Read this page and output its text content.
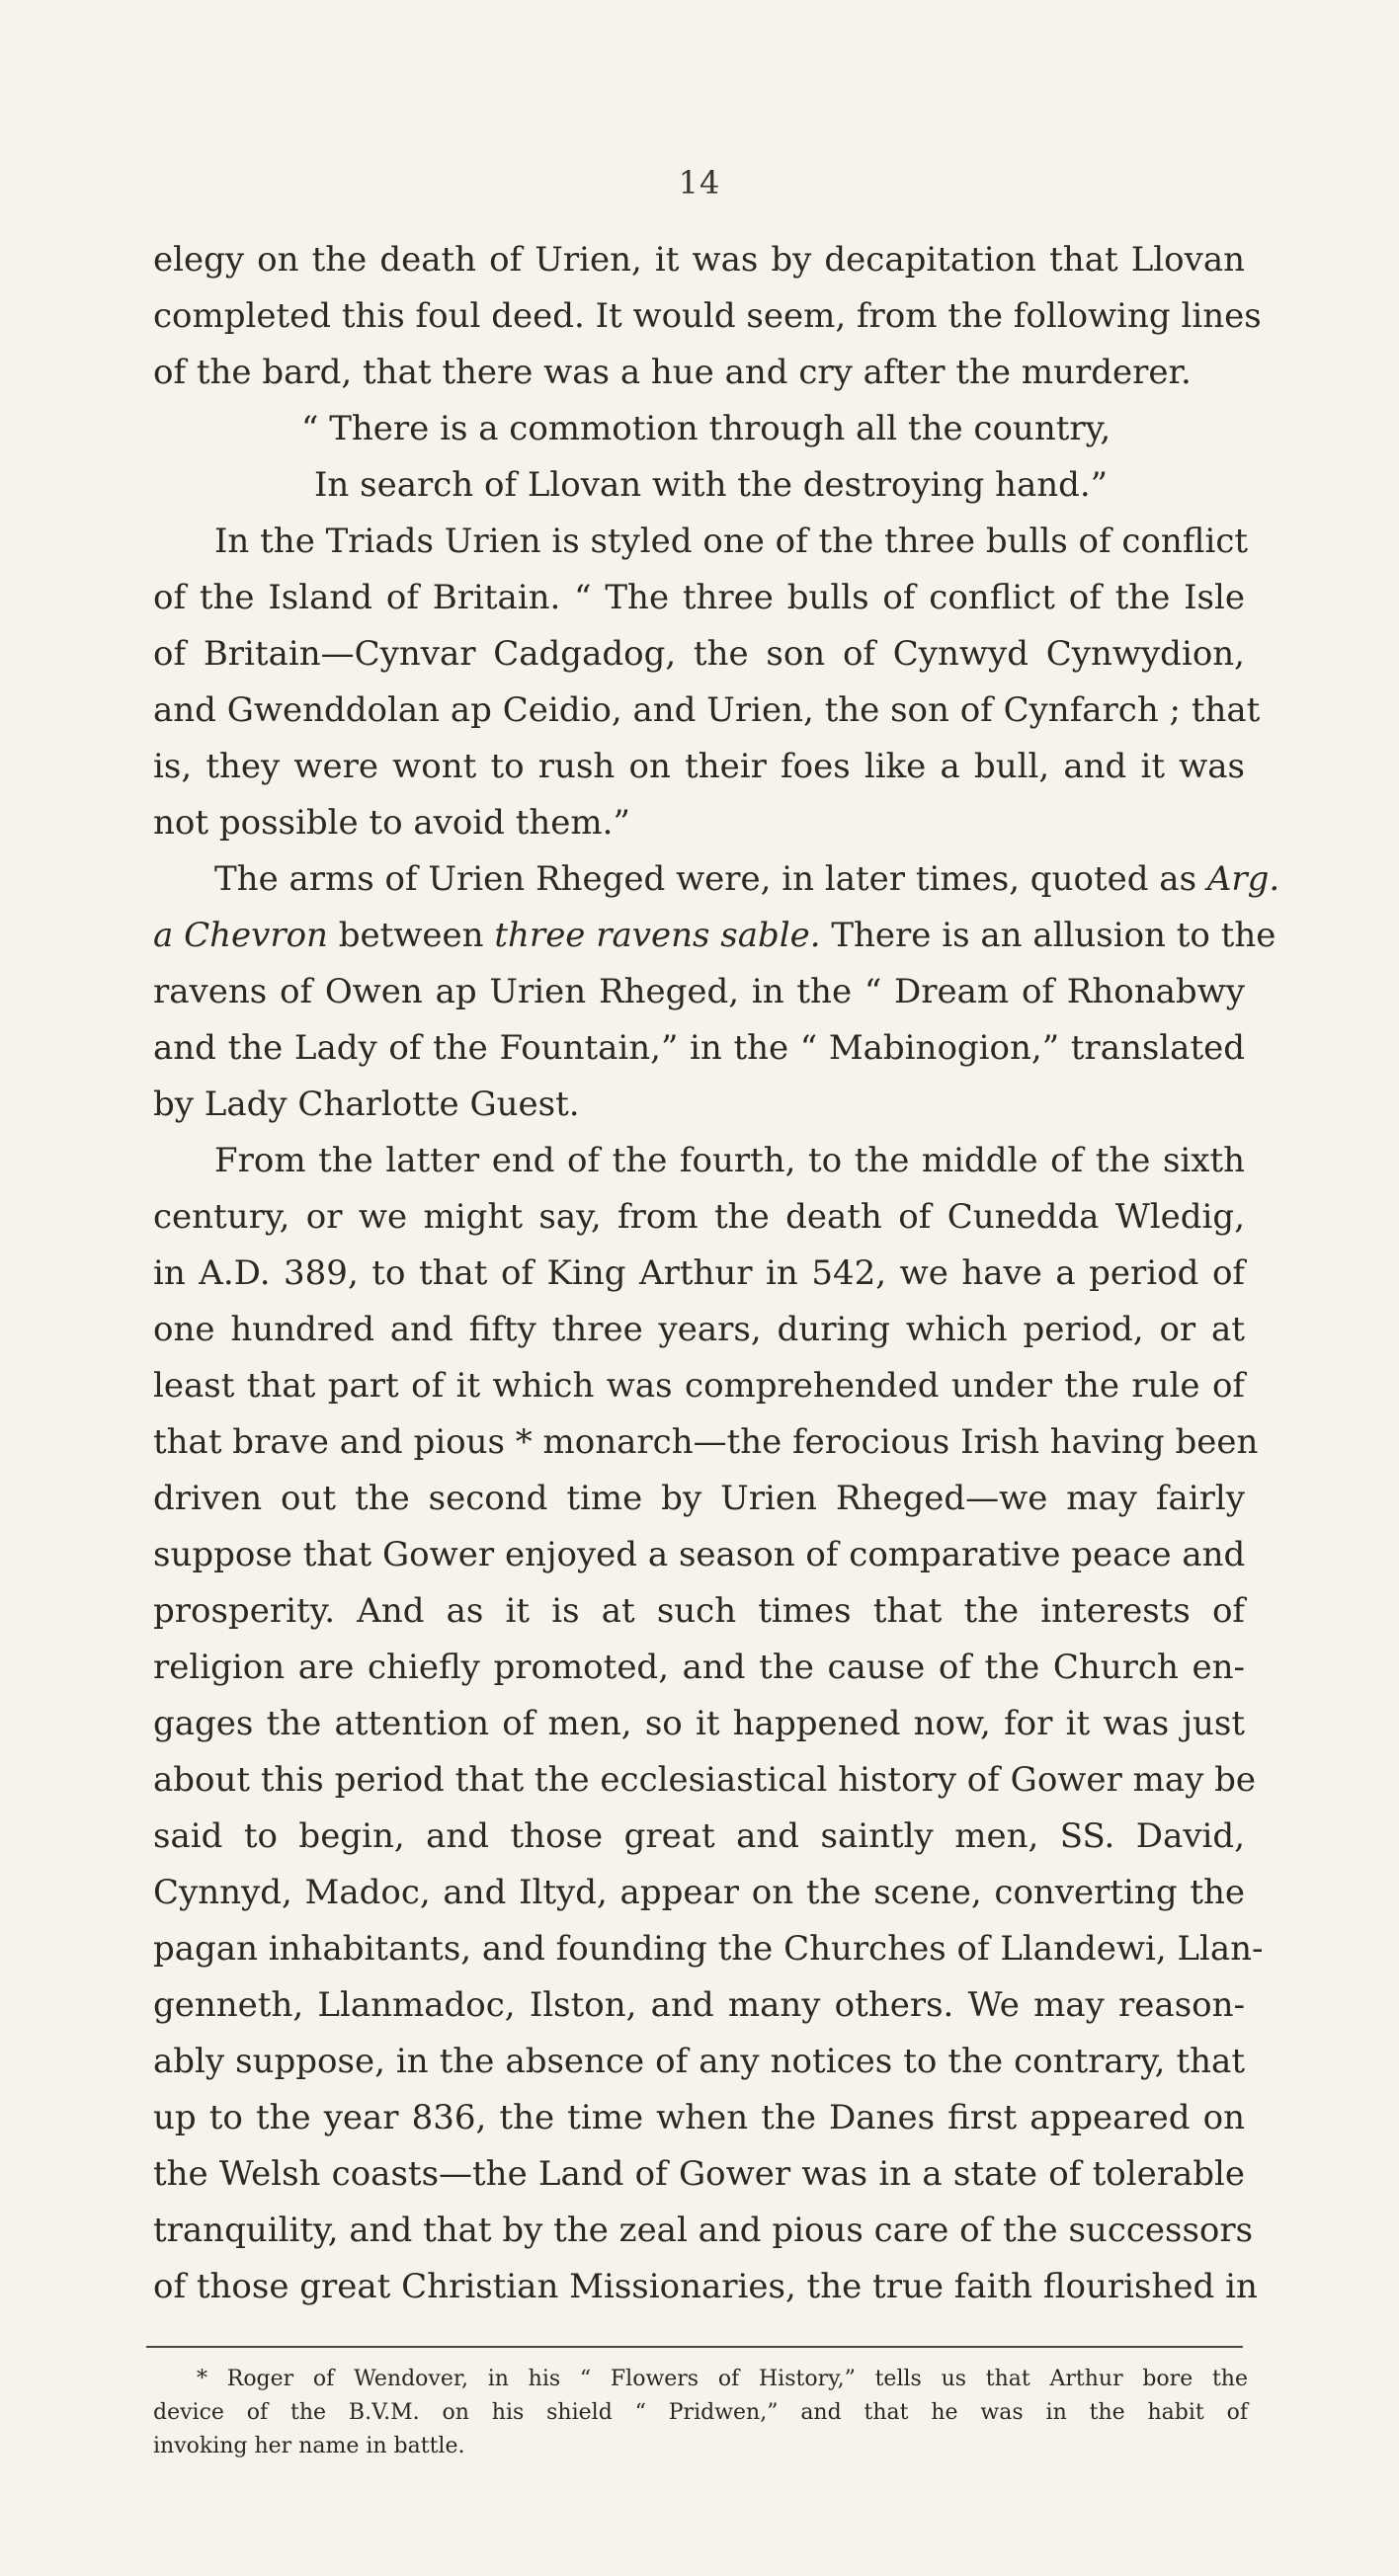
14
elegy on the death of Urien, it was by decapitation that Llovan
completed this foul deed. It would seem, from the following lines
of the bard, that there was a hue and cry after the murderer.
“ There is a commotion through all the country,
In search of Llovan with the destroying hand.”
In the Triads Urien is styled one of the three bulls of conflict
of the Island of Britain. “ The three bulls of conflict of the Isle
of Britain—Cynvar Cadgadog, the son of Cynwyd Cynwydion,
and Gwenddolan ap Ceidio, and Urien, the son of Cynfarch ; that
is, they were wont to rush on their foes like a bull, and it was
not possible to avoid them.”
The arms of Urien Rheged were, in later times, quoted as Arg.
a Chevron between three ravens sable. There is an allusion to the
ravens of Owen ap Urien Rheged, in the “ Dream of Rhonabwy
and the Lady of the Fountain,” in the “ Mabinogion,” translated
by Lady Charlotte Guest.
From the latter end of the fourth, to the middle of the sixth
century, or we might say, from the death of Cunedda Wledig,
in A.D. 389, to that of King Arthur in 542, we have a period of
one hundred and fifty three years, during which period, or at
least that part of it which was comprehended under the rule of
that brave and pious * monarch—the ferocious Irish having been
driven out the second time by Urien Rheged—we may fairly
suppose that Gower enjoyed a season of comparative peace and
prosperity. And as it is at such times that the interests of
religion are chiefly promoted, and the cause of the Church en-
gages the attention of men, so it happened now, for it was just
about this period that the ecclesiastical history of Gower may be
said to begin, and those great and saintly men, SS. David,
Cynnyd, Madoc, and Iltyd, appear on the scene, converting the
pagan inhabitants, and founding the Churches of Llandewi, Llan-
genneth, Llanmadoc, Ilston, and many others. We may reason-
ably suppose, in the absence of any notices to the contrary, that
up to the year 836, the time when the Danes first appeared on
the Welsh coasts—the Land of Gower was in a state of tolerable
tranquility, and that by the zeal and pious care of the successors
of those great Christian Missionaries, the true faith flourished in
* Roger of Wendover, in his “ Flowers of History,” tells us that Arthur bore the
device of the B.V.M. on his shield “ Pridwen,” and that he was in the habit of
invoking her name in battle.
